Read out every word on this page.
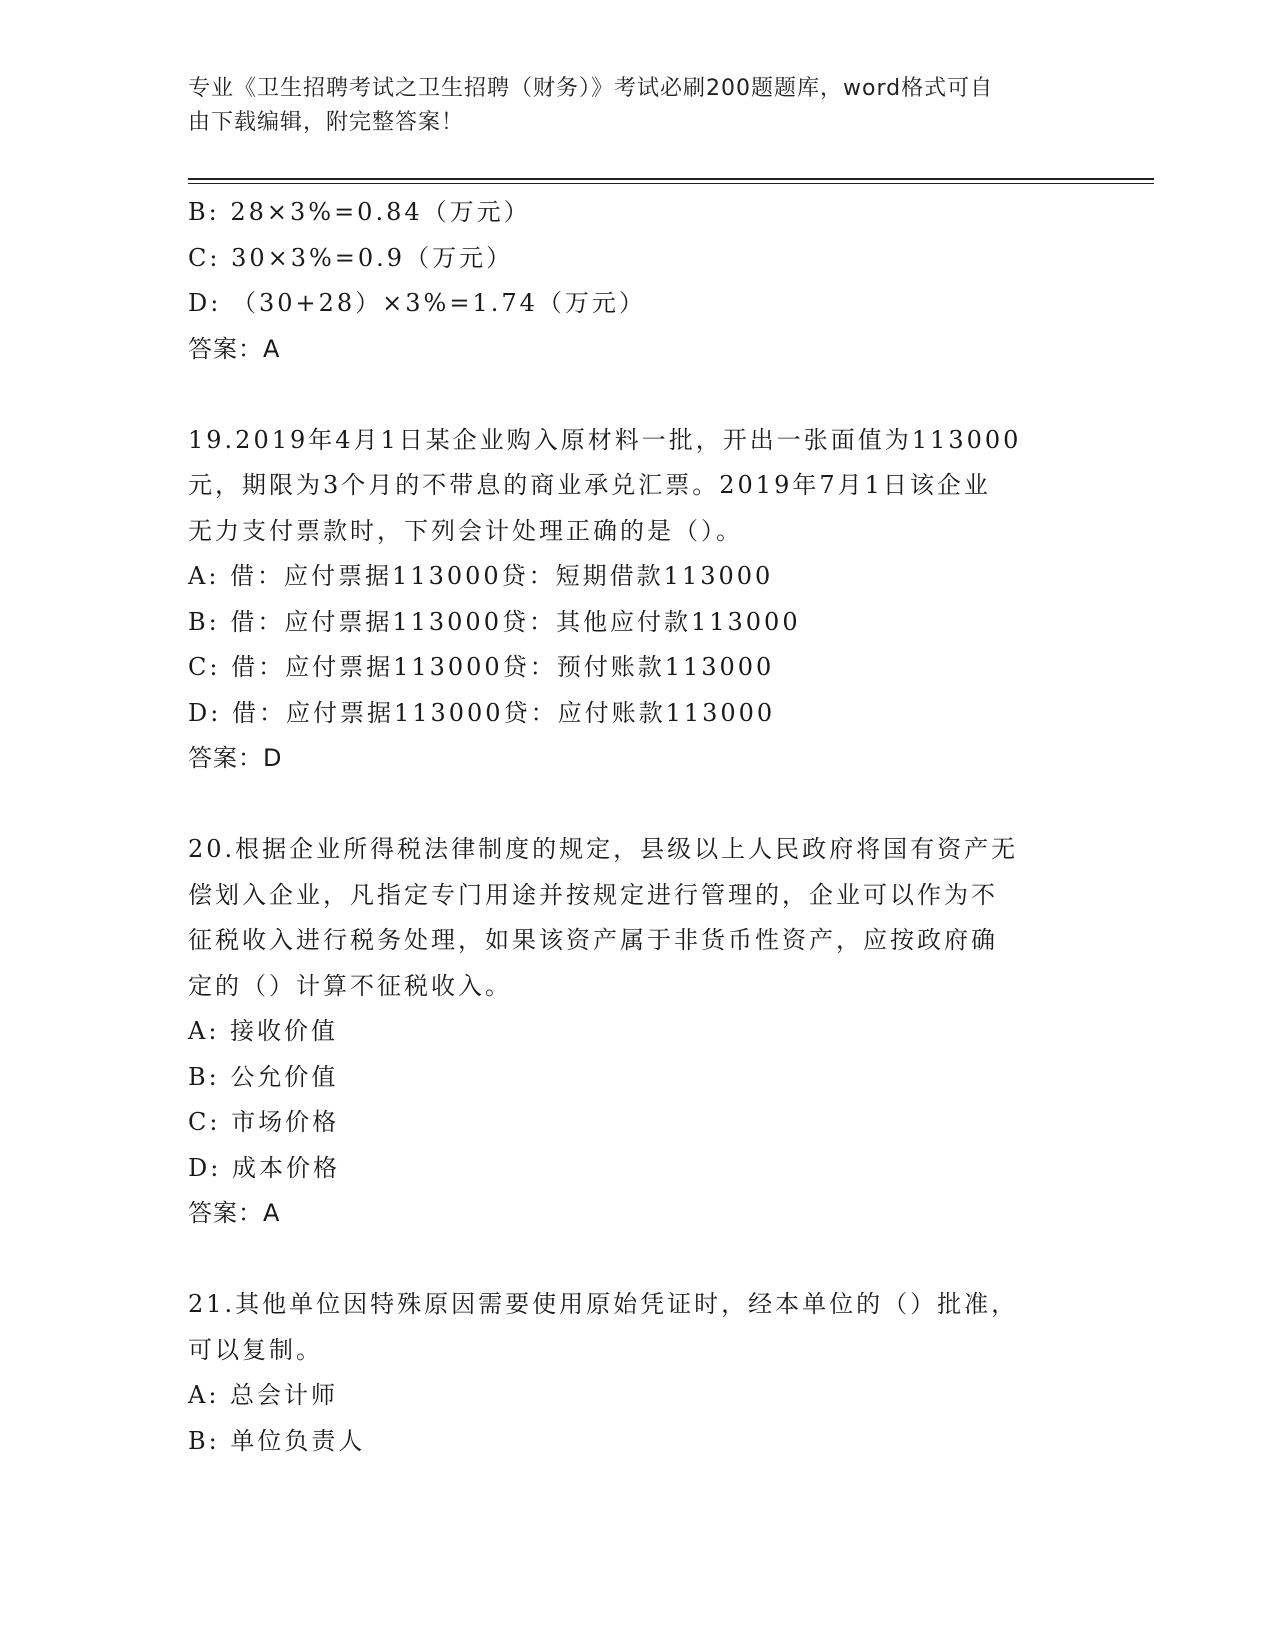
专业《卫生招聘考试之卫生招聘（财务）》考试必刷200题题库，word格式可自
由下载编辑，附完整答案！
B: 28×3%=0.84（万元）
C: 30×3%=0.9（万元）
D: （30+28）×3%=1.74（万元）
答案：A
19.2019年4月1日某企业购入原材料一批，开出一张面值为113000
元，期限为3个月的不带息的商业承兑汇票。2019年7月1日该企业
无力支付票款时，下列会计处理正确的是（）。
A: 借：应付票据113000贷：短期借款113000
B: 借：应付票据113000贷：其他应付款113000
C: 借：应付票据113000贷：预付账款113000
D: 借：应付票据113000贷：应付账款113000
答案：D
20.根据企业所得税法律制度的规定，县级以上人民政府将国有资产无
偿划入企业，凡指定专门用途并按规定进行管理的，企业可以作为不
征税收入进行税务处理，如果该资产属于非货币性资产，应按政府确
定的（）计算不征税收入。
A: 接收价值
B: 公允价值
C: 市场价格
D: 成本价格
答案：A
21.其他单位因特殊原因需要使用原始凭证时，经本单位的（）批准，
可以复制。
A: 总会计师
B: 单位负责人
